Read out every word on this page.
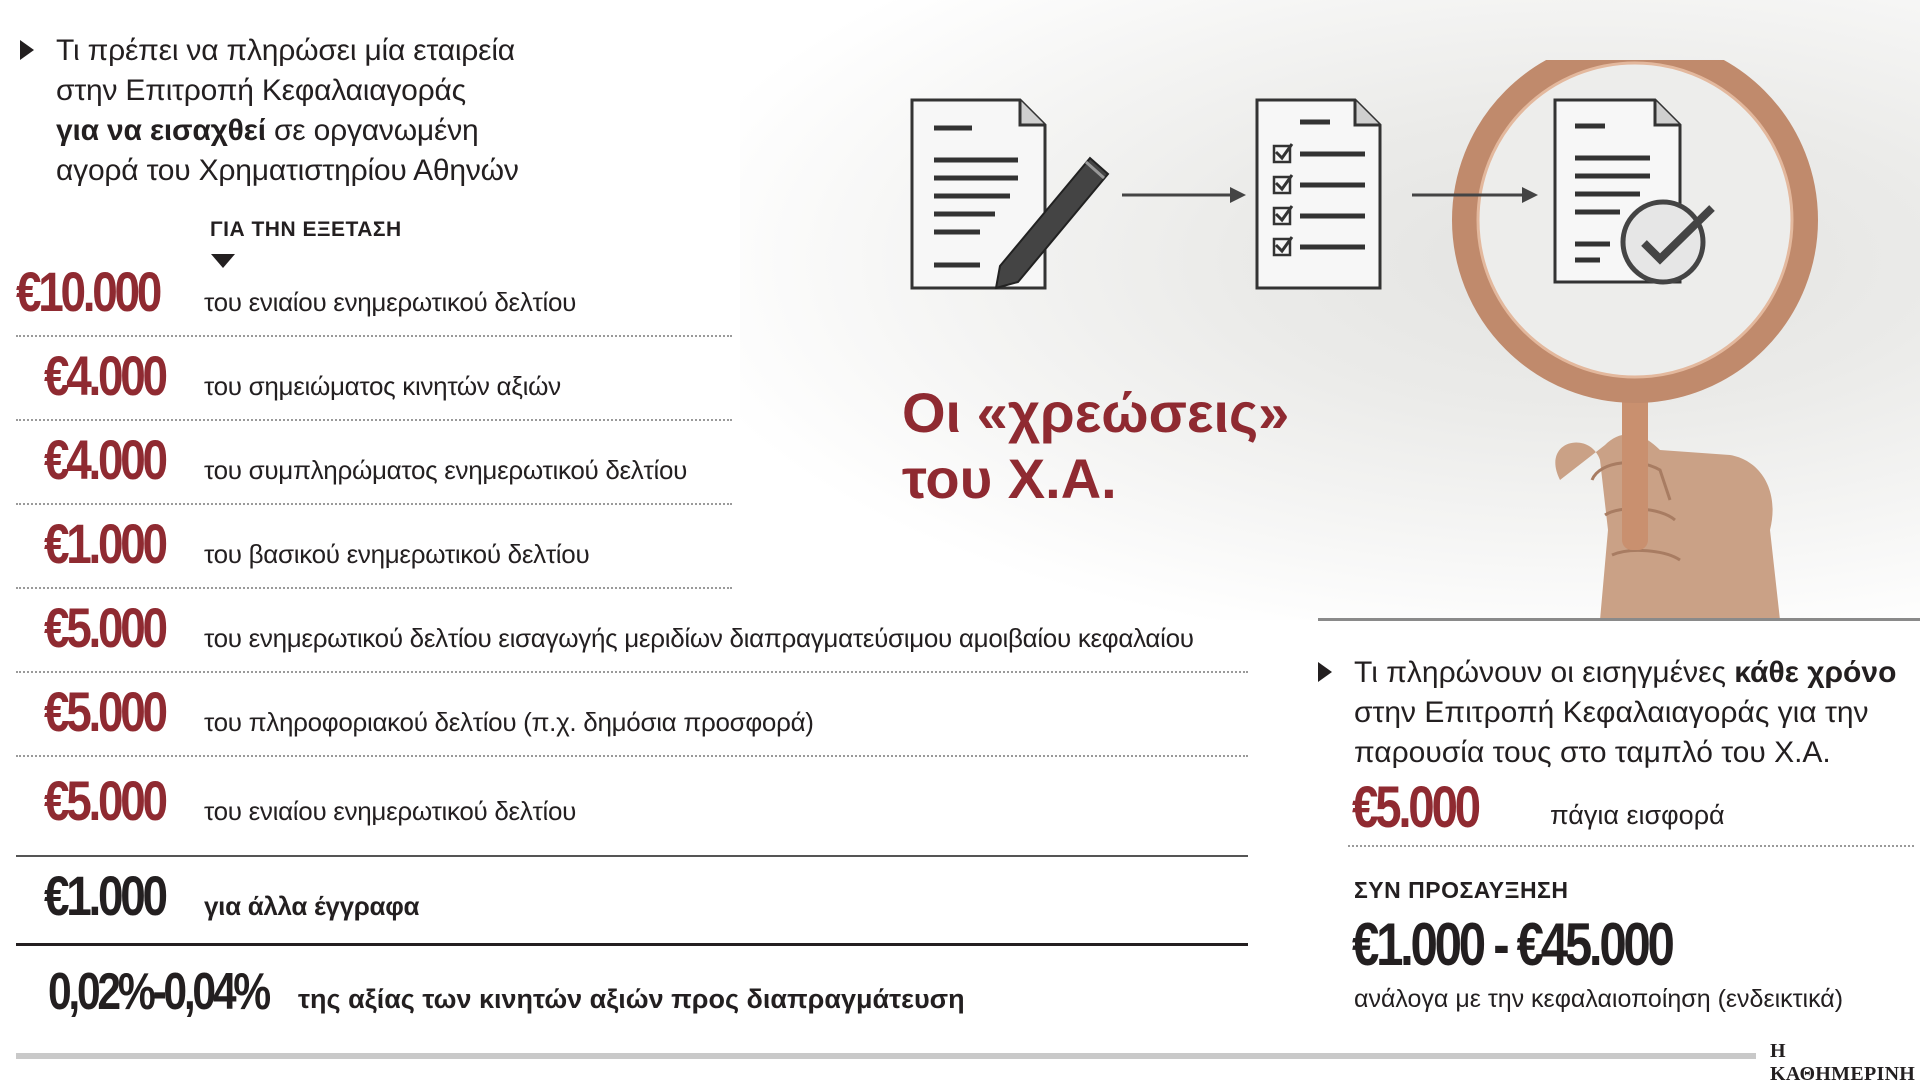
Τι πρέπει να πληρώσει μία εταιρεία
στην Επιτροπή Κεφαλαιαγοράς
για να εισαχθεί σε οργανωμένη
αγορά του Χρηματιστηρίου Αθηνών
ΓΙΑ ΤΗΝ ΕΞΕΤΑΣΗ
€10.000 του ενιαίου ενημερωτικού δελτίου
€4.000 του σημειώματος κινητών αξιών
€4.000 του συμπληρώματος ενημερωτικού δελτίου
€1.000 του βασικού ενημερωτικού δελτίου
€5.000 του ενημερωτικού δελτίου εισαγωγής μεριδίων διαπραγματεύσιμου αμοιβαίου κεφαλαίου
€5.000 του πληροφοριακού δελτίου (π.χ. δημόσια προσφορά)
€5.000 του ενιαίου ενημερωτικού δελτίου
€1.000 για άλλα έγγραφα
0,02%-0,04% της αξίας των κινητών αξιών προς διαπραγμάτευση
Οι «χρεώσεις»
του Χ.Α.
Τι πληρώνουν οι εισηγμένες κάθε χρόνο
στην Επιτροπή Κεφαλαιαγοράς για την
παρουσία τους στο ταμπλό του Χ.Α.
€5.000	πάγια εισφορά
ΣΥΝ ΠΡΟΣΑΥΞΗΣΗ
€1.000 - €45.000
ανάλογα με την κεφαλαιοποίηση (ενδεικτικά)
Η ΚΑΘΗΜΕΡΙΝΗ
